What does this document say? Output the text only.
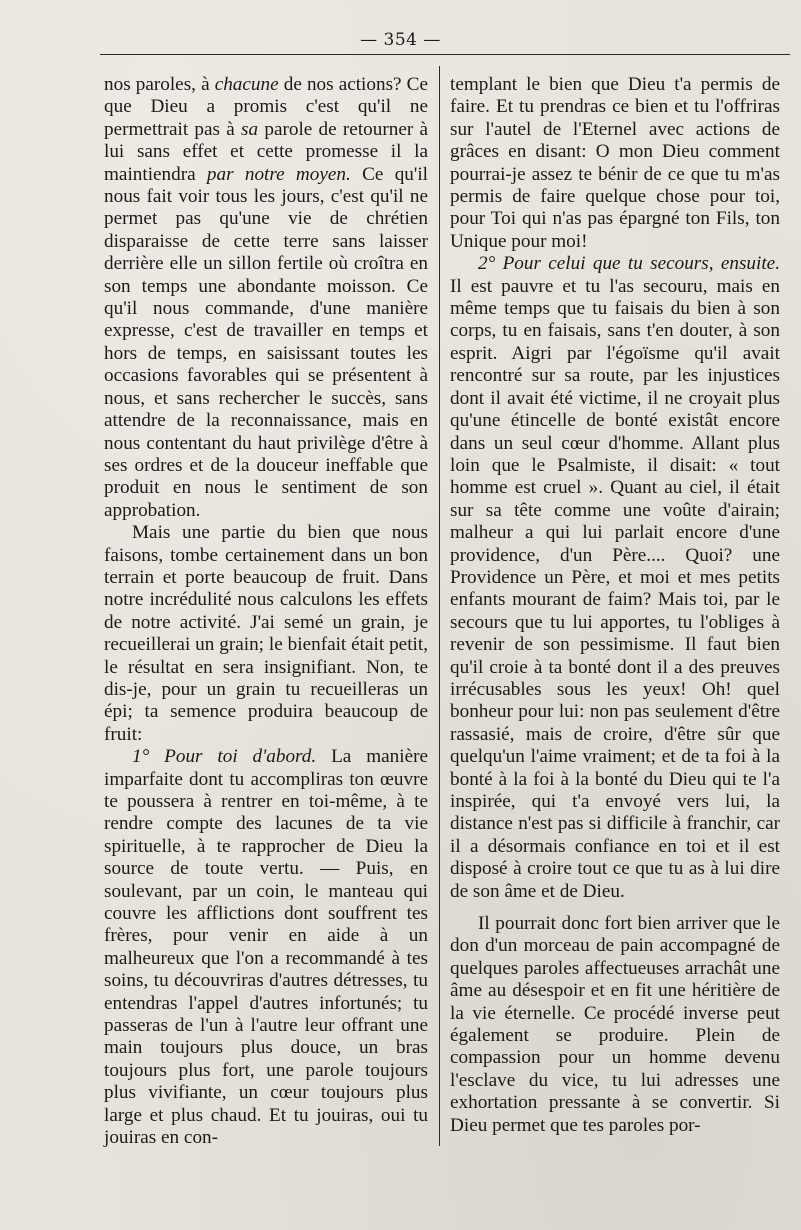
— 354 —

nos paroles, à chacune de nos actions? Ce que Dieu a promis c'est qu'il ne permettrait pas à sa parole de retourner à lui sans effet et cette promesse il la maintiendra par notre moyen. Ce qu'il nous fait voir tous les jours, c'est qu'il ne permet pas qu'une vie de chrétien disparaisse de cette terre sans laisser derrière elle un sillon fertile où croîtra en son temps une abondante moisson. Ce qu'il nous commande, d'une manière expresse, c'est de travailler en temps et hors de temps, en saisissant toutes les occasions favorables qui se présentent à nous, et sans rechercher le succès, sans attendre de la reconnaissance, mais en nous contentant du haut privilège d'être à ses ordres et de la douceur ineffable que produit en nous le sentiment de son approbation.

Mais une partie du bien que nous faisons, tombe certainement dans un bon terrain et porte beaucoup de fruit. Dans notre incrédulité nous calculons les effets de notre activité. J'ai semé un grain, je recueillerai un grain; le bienfait était petit, le résultat en sera insignifiant. Non, te dis-je, pour un grain tu recueilleras un épi; ta semence produira beaucoup de fruit:

1° Pour toi d'abord. La manière imparfaite dont tu accompliras ton œuvre te poussera à rentrer en toi-même, à te rendre compte des lacunes de ta vie spirituelle, à te rapprocher de Dieu la source de toute vertu. — Puis, en soulevant, par un coin, le manteau qui couvre les afflictions dont souffrent tes frères, pour venir en aide à un malheureux que l'on a recommandé à tes soins, tu découvriras d'autres détresses, tu entendras l'appel d'autres infortunés; tu passeras de l'un à l'autre leur offrant une main toujours plus douce, un bras toujours plus fort, une parole toujours plus vivifiante, un cœur toujours plus large et plus chaud. Et tu jouiras, oui tu jouiras en con-

templant le bien que Dieu t'a permis de faire. Et tu prendras ce bien et tu l'offriras sur l'autel de l'Eternel avec actions de grâces en disant: O mon Dieu comment pourrai-je assez te bénir de ce que tu m'as permis de faire quelque chose pour toi, pour Toi qui n'as pas épargné ton Fils, ton Unique pour moi!

2° Pour celui que tu secours, ensuite. Il est pauvre et tu l'as secouru, mais en même temps que tu faisais du bien à son corps, tu en faisais, sans t'en douter, à son esprit. Aigri par l'égoïsme qu'il avait rencontré sur sa route, par les injustices dont il avait été victime, il ne croyait plus qu'une étincelle de bonté existât encore dans un seul cœur d'homme. Allant plus loin que le Psalmiste, il disait: « tout homme est cruel ». Quant au ciel, il était sur sa tête comme une voûte d'airain; malheur a qui lui parlait encore d'une providence, d'un Père.... Quoi? une Providence un Père, et moi et mes petits enfants mourant de faim? Mais toi, par le secours que tu lui apportes, tu l'obliges à revenir de son pessimisme. Il faut bien qu'il croie à ta bonté dont il a des preuves irrécusables sous les yeux! Oh! quel bonheur pour lui: non pas seulement d'être rassasié, mais de croire, d'être sûr que quelqu'un l'aime vraiment; et de ta foi à la bonté à la foi à la bonté du Dieu qui te l'a inspirée, qui t'a envoyé vers lui, la distance n'est pas si difficile à franchir, car il a désormais confiance en toi et il est disposé à croire tout ce que tu as à lui dire de son âme et de Dieu.

Il pourrait donc fort bien arriver que le don d'un morceau de pain accompagné de quelques paroles affectueuses arrachât une âme au désespoir et en fit une héritière de la vie éternelle. Ce procédé inverse peut également se produire. Plein de compassion pour un homme devenu l'esclave du vice, tu lui adresses une exhortation pressante à se convertir. Si Dieu permet que tes paroles por-
